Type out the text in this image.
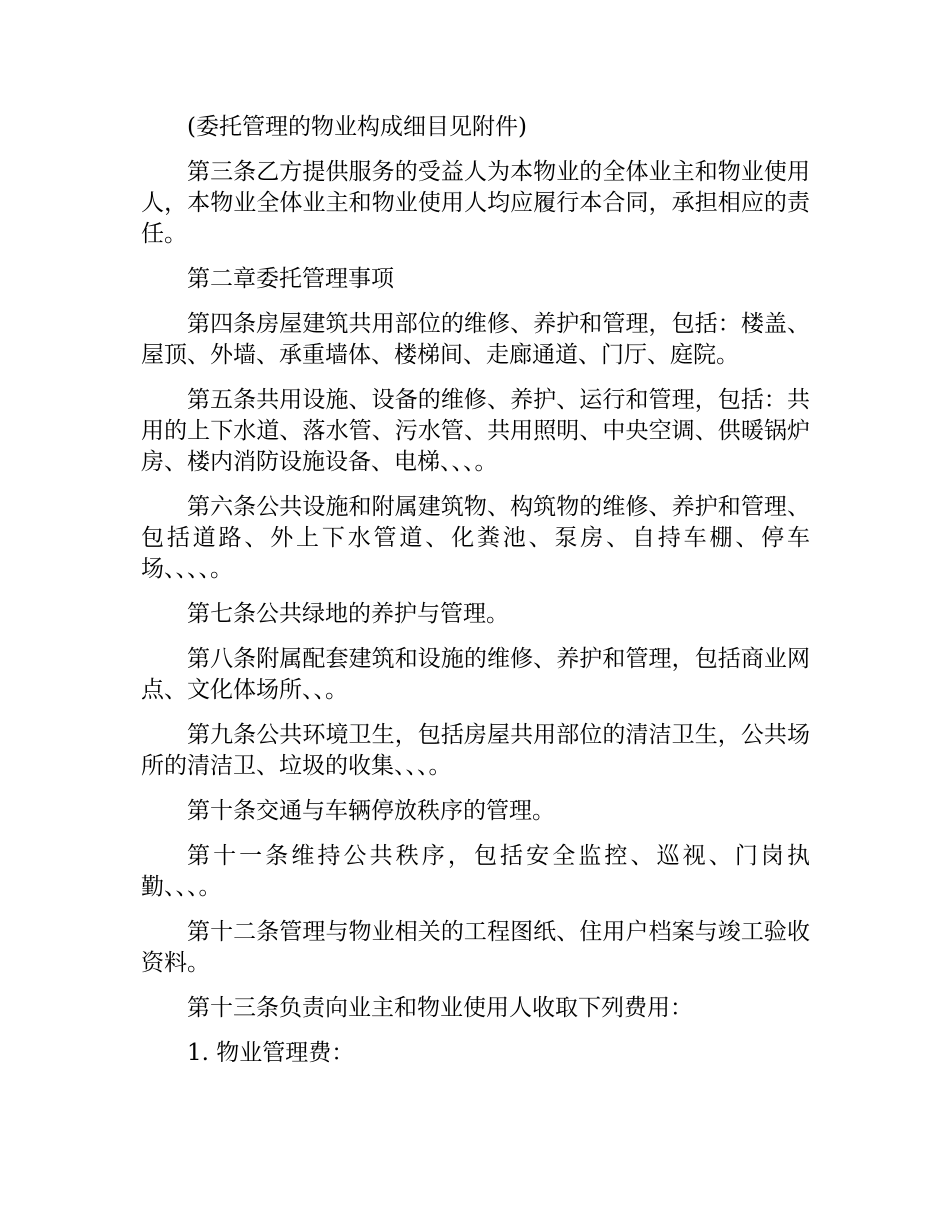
(委托管理的物业构成细目见附件)

第三条乙方提供服务的受益人为本物业的全体业主和物业使用人，本物业全体业主和物业使用人均应履行本合同，承担相应的责任。

第二章委托管理事项

第四条房屋建筑共用部位的维修、养护和管理，包括：楼盖、屋顶、外墙、承重墙体、楼梯间、走廊通道、门厅、庭院。

第五条共用设施、设备的维修、养护、运行和管理，包括：共用的上下水道、落水管、污水管、共用照明、中央空调、供暖锅炉房、楼内消防设施设备、电梯、、、。

第六条公共设施和附属建筑物、构筑物的维修、养护和管理、包括道路、外上下水管道、化粪池、泵房、自持车棚、停车场、、、、。

第七条公共绿地的养护与管理。

第八条附属配套建筑和设施的维修、养护和管理，包括商业网点、文化体场所、、。

第九条公共环境卫生，包括房屋共用部位的清洁卫生，公共场所的清洁卫、垃圾的收集、、、。

第十条交通与车辆停放秩序的管理。

第十一条维持公共秩序，包括安全监控、巡视、门岗执勤、、、。

第十二条管理与物业相关的工程图纸、住用户档案与竣工验收资料。

第十三条负责向业主和物业使用人收取下列费用：

1. 物业管理费：
